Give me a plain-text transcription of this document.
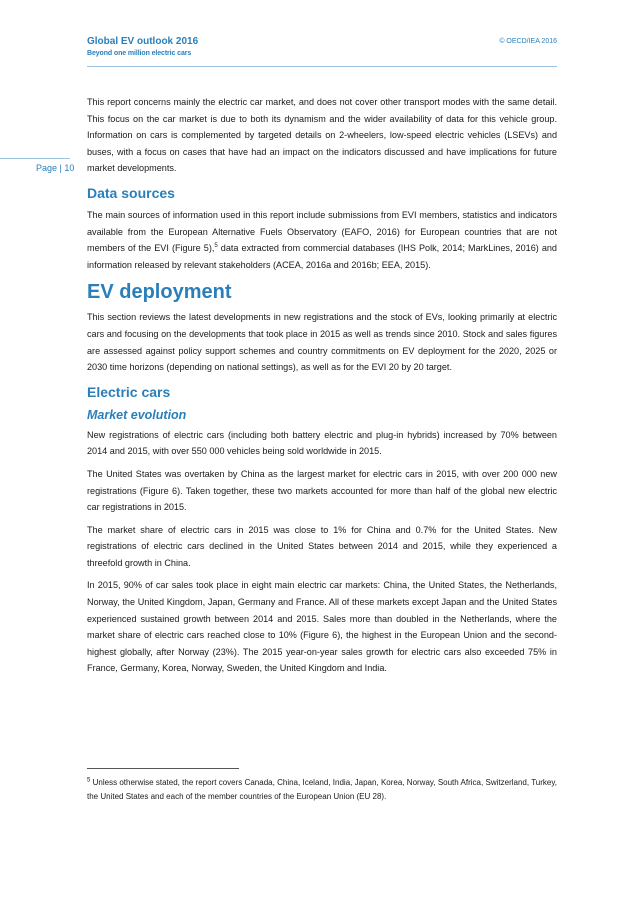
Global EV outlook 2016
Beyond one million electric cars
© OECD/IEA 2016
Page | 10

This report concerns mainly the electric car market, and does not cover other transport modes with the same detail. This focus on the car market is due to both its dynamism and the wider availability of data for this vehicle group. Information on cars is complemented by targeted details on 2-wheelers, low-speed electric vehicles (LSEVs) and buses, with a focus on cases that have had an impact on the indicators discussed and have implications for future market developments.

Data sources

The main sources of information used in this report include submissions from EVI members, statistics and indicators available from the European Alternative Fuels Observatory (EAFO, 2016) for European countries that are not members of the EVI (Figure 5),$^5$ data extracted from commercial databases (IHS Polk, 2014; MarkLines, 2016) and information released by relevant stakeholders (ACEA, 2016a and 2016b; EEA, 2015).

EV deployment

This section reviews the latest developments in new registrations and the stock of EVs, looking primarily at electric cars and focusing on the developments that took place in 2015 as well as trends since 2010. Stock and sales figures are assessed against policy support schemes and country commitments on EV deployment for the 2020, 2025 or 2030 time horizons (depending on national settings), as well as for the EVI 20 by 20 target.

Electric cars
Market evolution

New registrations of electric cars (including both battery electric and plug-in hybrids) increased by 70% between 2014 and 2015, with over 550 000 vehicles being sold worldwide in 2015.

The United States was overtaken by China as the largest market for electric cars in 2015, with over 200 000 new registrations (Figure 6). Taken together, these two markets accounted for more than half of the global new electric car registrations in 2015.

The market share of electric cars in 2015 was close to 1% for China and 0.7% for the United States. New registrations of electric cars declined in the United States between 2014 and 2015, while they experienced a threefold growth in China.

In 2015, 90% of car sales took place in eight main electric car markets: China, the United States, the Netherlands, Norway, the United Kingdom, Japan, Germany and France. All of these markets except Japan and the United States experienced sustained growth between 2014 and 2015. Sales more than doubled in the Netherlands, where the market share of electric cars reached close to 10% (Figure 6), the highest in the European Union and the second-highest globally, after Norway (23%). The 2015 year-on-year sales growth for electric cars also exceeded 75% in France, Germany, Korea, Norway, Sweden, the United Kingdom and India.

$^5$ Unless otherwise stated, the report covers Canada, China, Iceland, India, Japan, Korea, Norway, South Africa, Switzerland, Turkey, the United States and each of the member countries of the European Union (EU 28).
